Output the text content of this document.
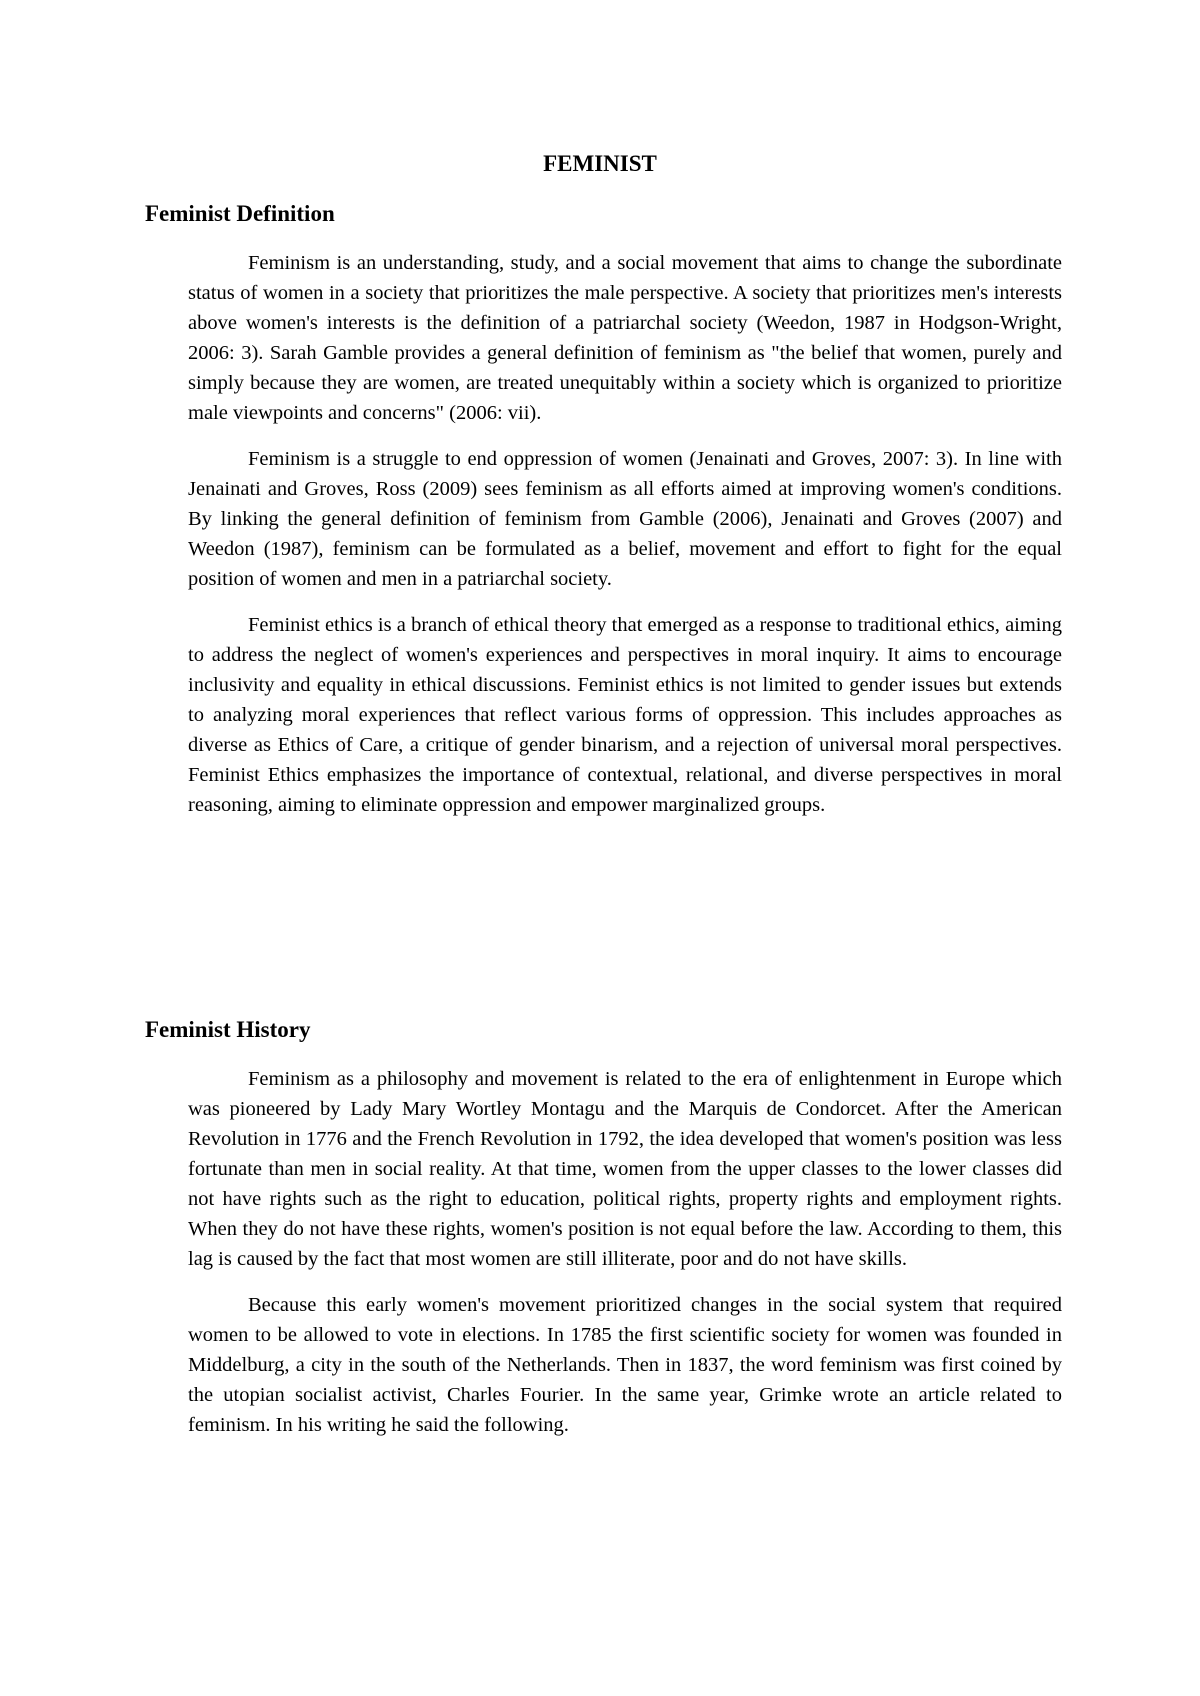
FEMINIST
Feminist Definition

Feminism is an understanding, study, and a social movement that aims to change the subordinate status of women in a society that prioritizes the male perspective. A society that prioritizes men's interests above women's interests is the definition of a patriarchal society (Weedon, 1987 in Hodgson-Wright, 2006: 3). Sarah Gamble provides a general definition of feminism as "the belief that women, purely and simply because they are women, are treated unequitably within a society which is organized to prioritize male viewpoints and concerns" (2006: vii).

Feminism is a struggle to end oppression of women (Jenainati and Groves, 2007: 3). In line with Jenainati and Groves, Ross (2009) sees feminism as all efforts aimed at improving women's conditions. By linking the general definition of feminism from Gamble (2006), Jenainati and Groves (2007) and Weedon (1987), feminism can be formulated as a belief, movement and effort to fight for the equal position of women and men in a patriarchal society.

Feminist ethics is a branch of ethical theory that emerged as a response to traditional ethics, aiming to address the neglect of women's experiences and perspectives in moral inquiry. It aims to encourage inclusivity and equality in ethical discussions. Feminist ethics is not limited to gender issues but extends to analyzing moral experiences that reflect various forms of oppression. This includes approaches as diverse as Ethics of Care, a critique of gender binarism, and a rejection of universal moral perspectives. Feminist Ethics emphasizes the importance of contextual, relational, and diverse perspectives in moral reasoning, aiming to eliminate oppression and empower marginalized groups.

Feminist History

Feminism as a philosophy and movement is related to the era of enlightenment in Europe which was pioneered by Lady Mary Wortley Montagu and the Marquis de Condorcet. After the American Revolution in 1776 and the French Revolution in 1792, the idea developed that women's position was less fortunate than men in social reality. At that time, women from the upper classes to the lower classes did not have rights such as the right to education, political rights, property rights and employment rights. When they do not have these rights, women's position is not equal before the law. According to them, this lag is caused by the fact that most women are still illiterate, poor and do not have skills.

Because this early women's movement prioritized changes in the social system that required women to be allowed to vote in elections. In 1785 the first scientific society for women was founded in Middelburg, a city in the south of the Netherlands. Then in 1837, the word feminism was first coined by the utopian socialist activist, Charles Fourier. In the same year, Grimke wrote an article related to feminism. In his writing he said the following.
